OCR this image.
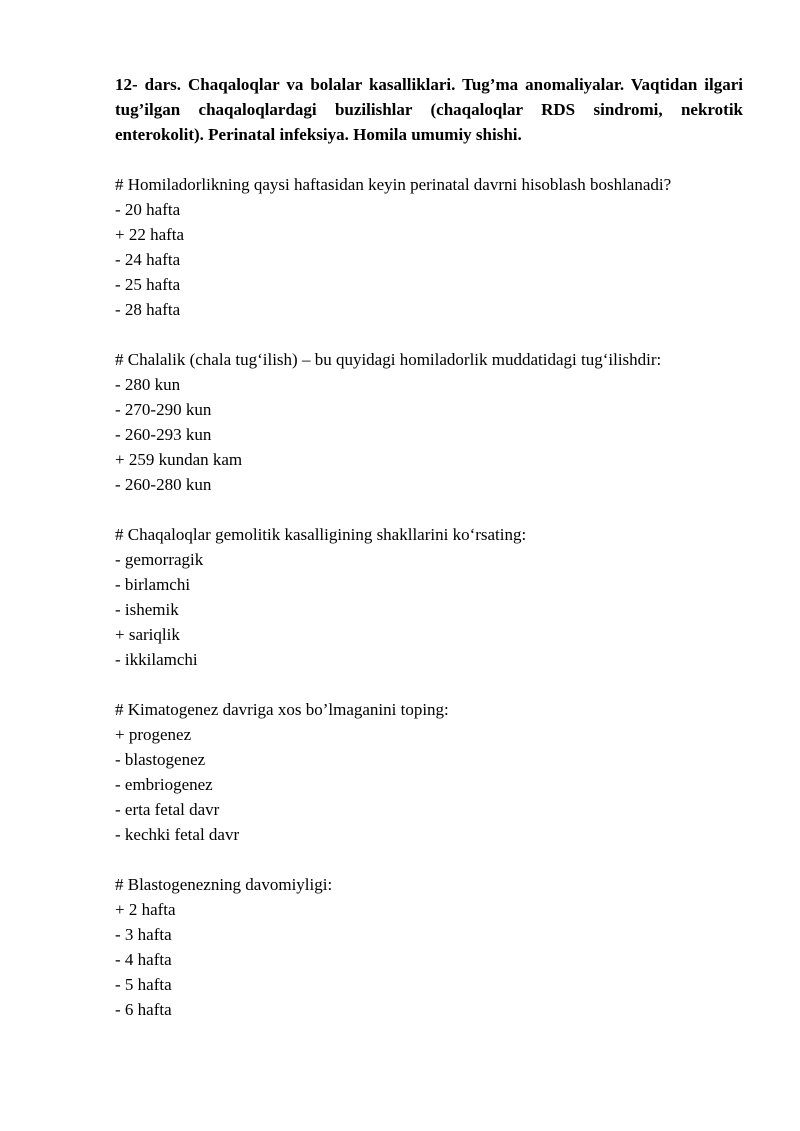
12- dars. Chaqaloqlar va bolalar kasalliklari. Tug’ma anomaliyalar. Vaqtidan ilgari tug’ilgan chaqaloqlardagi buzilishlar (chaqaloqlar RDS sindromi, nekrotik enterokolit). Perinatal infeksiya. Homila umumiy shishi.

# Homiladorlikning qaysi haftasidan keyin perinatal davrni hisoblash boshlanadi?

- 20 hafta
+ 22 hafta
- 24 hafta
- 25 hafta
- 28 hafta

# Chalalik (chala tug‘ilish) – bu quyidagi homiladorlik muddatidagi tug‘ilishdir:

- 280 kun
- 270-290 kun
- 260-293 kun
+ 259 kundan kam
- 260-280 kun

# Chaqaloqlar gemolitik kasalligining shakllarini ko‘rsating:

- gemorragik
- birlamchi
- ishemik
+ sariqlik
- ikkilamchi

# Kimatogenez davriga xos bo’lmaganini toping:

+ progenez
- blastogenez
- embriogenez
- erta fetal davr
- kechki fetal davr

# Blastogenezning davomiyligi:

+ 2 hafta
- 3 hafta
- 4 hafta
- 5 hafta
- 6 hafta
